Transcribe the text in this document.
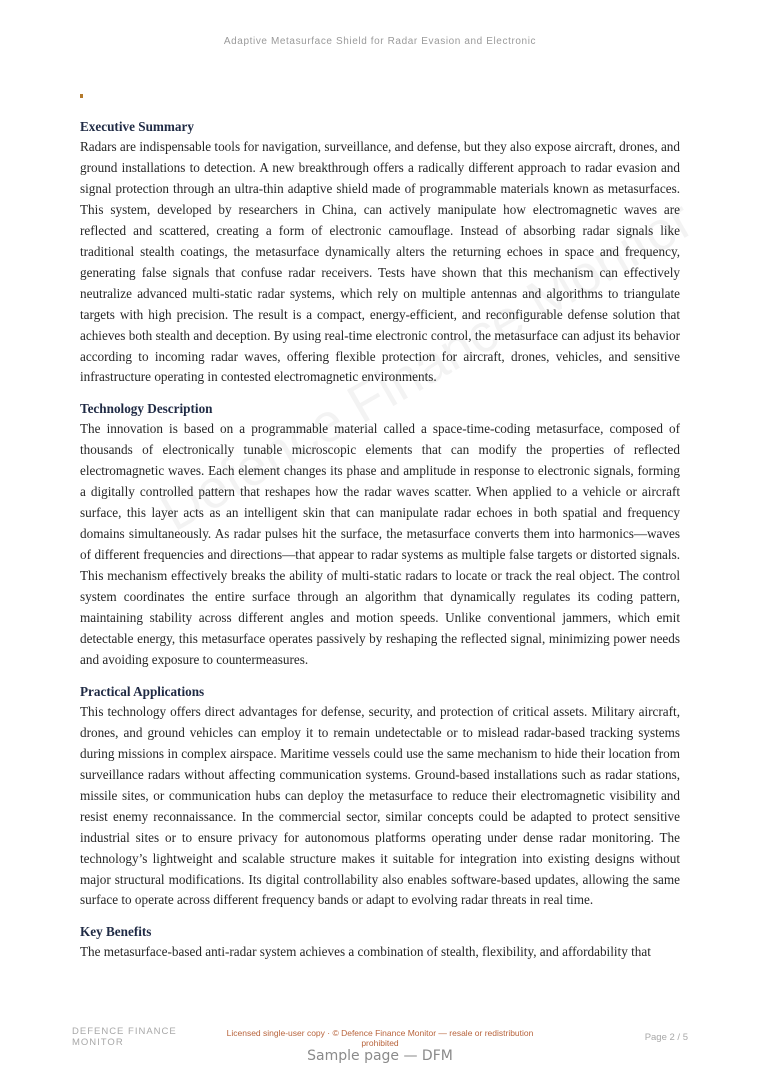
Adaptive Metasurface Shield for Radar Evasion and Electronic
Executive Summary

Radars are indispensable tools for navigation, surveillance, and defense, but they also expose aircraft, drones, and ground installations to detection. A new breakthrough offers a radically different approach to radar evasion and signal protection through an ultra-thin adaptive shield made of programmable materials known as metasurfaces. This system, developed by researchers in China, can actively manipulate how electromagnetic waves are reflected and scattered, creating a form of electronic camouflage. Instead of absorbing radar signals like traditional stealth coatings, the metasurface dynamically alters the returning echoes in space and frequency, generating false signals that confuse radar receivers. Tests have shown that this mechanism can effectively neutralize advanced multi-static radar systems, which rely on multiple antennas and algorithms to triangulate targets with high precision. The result is a compact, energy-efficient, and reconfigurable defense solution that achieves both stealth and deception. By using real-time electronic control, the metasurface can adjust its behavior according to incoming radar waves, offering flexible protection for aircraft, drones, vehicles, and sensitive infrastructure operating in contested electromagnetic environments.

Technology Description

The innovation is based on a programmable material called a space-time-coding metasurface, composed of thousands of electronically tunable microscopic elements that can modify the properties of reflected electromagnetic waves. Each element changes its phase and amplitude in response to electronic signals, forming a digitally controlled pattern that reshapes how the radar waves scatter. When applied to a vehicle or aircraft surface, this layer acts as an intelligent skin that can manipulate radar echoes in both spatial and frequency domains simultaneously. As radar pulses hit the surface, the metasurface converts them into harmonics—waves of different frequencies and directions—that appear to radar systems as multiple false targets or distorted signals. This mechanism effectively breaks the ability of multi-static radars to locate or track the real object. The control system coordinates the entire surface through an algorithm that dynamically regulates its coding pattern, maintaining stability across different angles and motion speeds. Unlike conventional jammers, which emit detectable energy, this metasurface operates passively by reshaping the reflected signal, minimizing power needs and avoiding exposure to countermeasures.

Practical Applications

This technology offers direct advantages for defense, security, and protection of critical assets. Military aircraft, drones, and ground vehicles can employ it to remain undetectable or to mislead radar-based tracking systems during missions in complex airspace. Maritime vessels could use the same mechanism to hide their location from surveillance radars without affecting communication systems. Ground-based installations such as radar stations, missile sites, or communication hubs can deploy the metasurface to reduce their electromagnetic visibility and resist enemy reconnaissance. In the commercial sector, similar concepts could be adapted to protect sensitive industrial sites or to ensure privacy for autonomous platforms operating under dense radar monitoring. The technology’s lightweight and scalable structure makes it suitable for integration into existing designs without major structural modifications. Its digital controllability also enables software-based updates, allowing the same surface to operate across different frequency bands or adapt to evolving radar threats in real time.

Key Benefits

The metasurface-based anti-radar system achieves a combination of stealth, flexibility, and affordability that

DEFENCE FINANCE MONITOR
Licensed single-user copy · © Defence Finance Monitor — resale or redistribution prohibited	Page 2 / 5
Sample page — DFM
